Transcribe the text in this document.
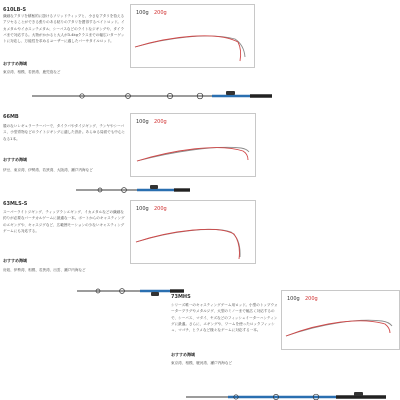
610LB-S
繊細なアタリを積極的に掛けるソリッドティップと、小さなアタリを拾えるアワセることができる張りのある粘りのアタリを獲得するベイトロッド。イカメタルやイカスッテメタル、シーバスなどのライトなジギングや、タイラバまで対応する。大物がかかると大人が3-4kgクラスまでの幅広いターゲットに対応し、万能性を求めるユーザーに適したバーサタイルロッド。
おすすめ海域
東京湾、相模、若狭湾、鹿児島など
100g 200g
66MB
膝のないレギュラーテーパーで、タイラバやタイジギング、テンヤやシーバス、小型青物などのライトジギングに適した設計。あらゆる局面でも中心となる1本。
おすすめ海域
伊豆、東京湾、伊勢湾、若狭湾、大阪湾、瀬戸内海など
100g 200g
63MLS-S
スーパーライトジギング、ティップランエギング、イカメタルなどの繊細な釣りが必要なバーチカルゲームに最適な一本。ボートからのキャスティングのエギングや、キャスジグなど、広範囲モーションの少ないキャスティングゲームにも対応する。
おすすめ海域
房総、伊勢湾、相模、若狭湾、出雲、瀬戸内海など
100g 200g
73MHS
シリーズ唯一のキャスティングゲーム用ロッド。小型のトップウォータープラグやメタルジグ、大型のミノーまで幅広く対応するので、シーバス、マダイ、ヤズなどのフィッシュイーターハンティングに最適。さらに、エギングや、ワームを使ったロックフィッシュ、マゴチ、ヒラメなど様々なゲームに対応する一本。
おすすめ海域
東京湾、相模、駿河湾、瀬戸内海など
100g 200g
